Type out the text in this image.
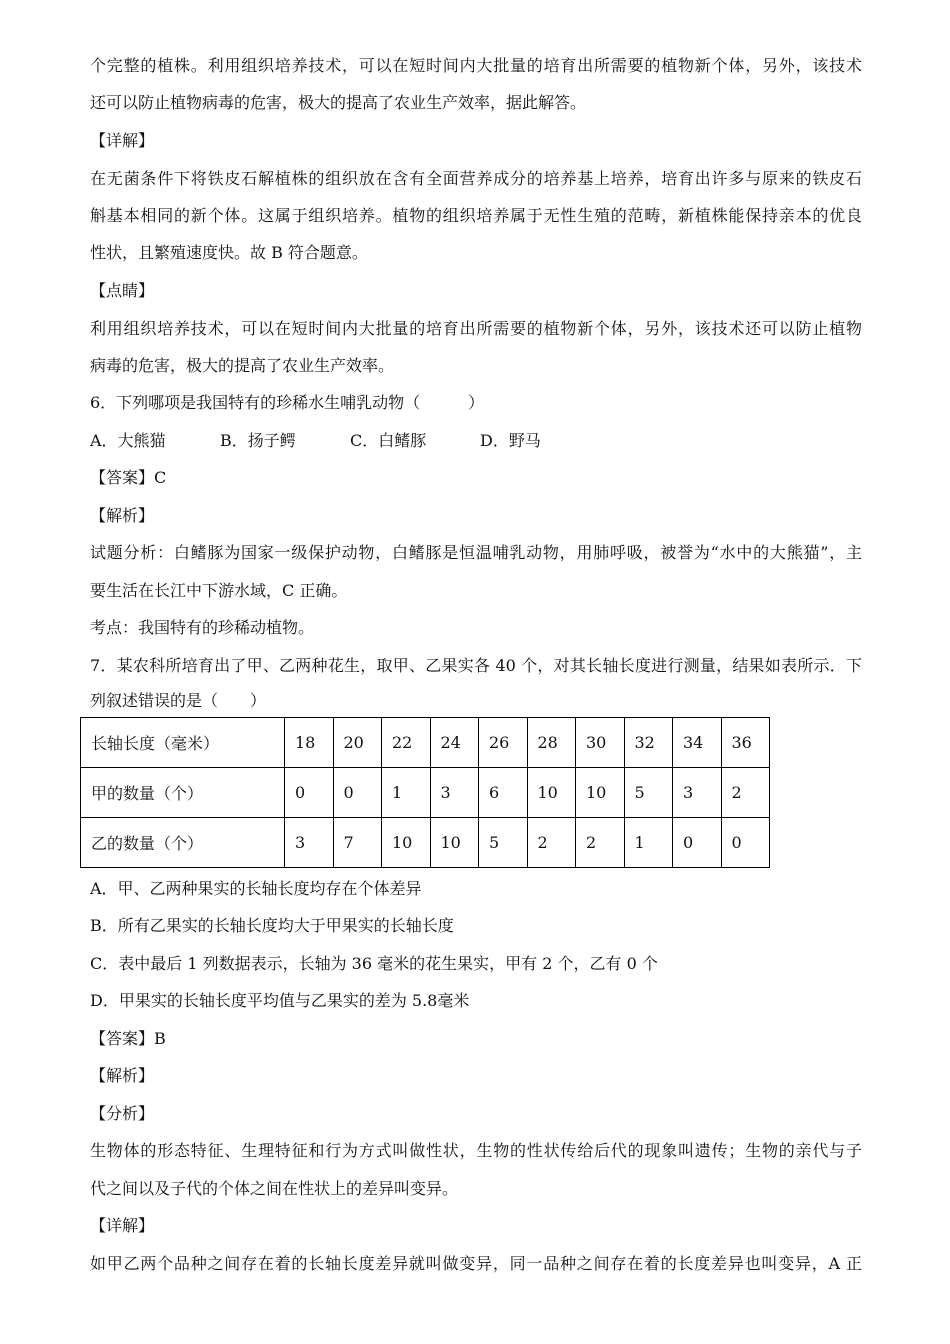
个完整的植株。利用组织培养技术，可以在短时间内大批量的培育出所需要的植物新个体，另外，该技术
还可以防止植物病毒的危害，极大的提高了农业生产效率，据此解答。
【详解】
在无菌条件下将铁皮石解植株的组织放在含有全面营养成分的培养基上培养，培育出许多与原来的铁皮石
斛基本相同的新个体。这属于组织培养。植物的组织培养属于无性生殖的范畴，新植株能保持亲本的优良
性状，且繁殖速度快。故 B 符合题意。
【点睛】
利用组织培养技术，可以在短时间内大批量的培育出所需要的植物新个体，另外，该技术还可以防止植物
病毒的危害，极大的提高了农业生产效率。
6．下列哪项是我国特有的珍稀水生哺乳动物（　　　）
A．大熊猫	B．扬子鳄	C．白鳍豚	D．野马
【答案】C
【解析】
试题分析：白鳍豚为国家一级保护动物，白鳍豚是恒温哺乳动物，用肺呼吸，被誉为“水中的大熊猫”，主
要生活在长江中下游水域，C 正确。
考点：我国特有的珍稀动植物。
7．某农科所培育出了甲、乙两种花生，取甲、乙果实各 40 个，对其长轴长度进行测量，结果如表所示．下
列叙述错误的是（　　）
长轴长度（毫米）	18	20	22	24	26	28	30	32	34	36
甲的数量（个）	0	0	1	3	6	10	10	5	3	2
乙的数量（个）	3	7	10	10	5	2	2	1	0	0
A．甲、乙两种果实的长轴长度均存在个体差异
B．所有乙果实的长轴长度均大于甲果实的长轴长度
C．表中最后 1 列数据表示，长轴为 36 毫米的花生果实，甲有 2 个，乙有 0 个
D．甲果实的长轴长度平均值与乙果实的差为 5.8毫米
【答案】B
【解析】
【分析】
生物体的形态特征、生理特征和行为方式叫做性状，生物的性状传给后代的现象叫遗传；生物的亲代与子
代之间以及子代的个体之间在性状上的差异叫变异。
【详解】
如甲乙两个品种之间存在着的长轴长度差异就叫做变异，同一品种之间存在着的长度差异也叫变异，A 正
